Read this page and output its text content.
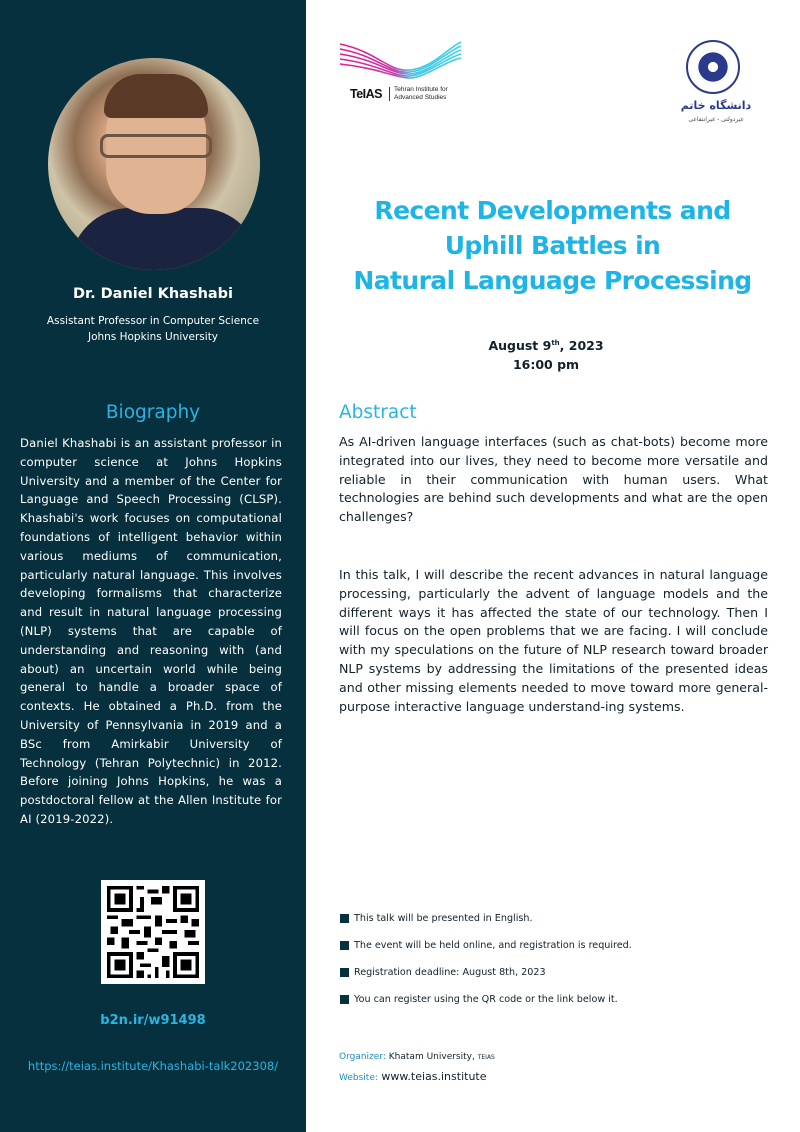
Dr. Daniel Khashabi
Assistant Professor in Computer Science
Johns Hopkins University
Biography
Daniel Khashabi is an assistant professor in computer science at Johns Hopkins University and a member of the Center for Language and Speech Processing (CLSP). Khashabi's work focuses on computational foundations of intelligent behavior within various mediums of communication, particularly natural language. This involves developing formalisms that characterize and result in natural language processing (NLP) systems that are capable of understanding and reasoning with (and about) an uncertain world while being general to handle a broader space of contexts. He obtained a Ph.D. from the University of Pennsylvania in 2019 and a BSc from Amirkabir University of Technology (Tehran Polytechnic) in 2012. Before joining Johns Hopkins, he was a postdoctoral fellow at the Allen Institute for AI (2019-2022).
b2n.ir/w91498
https://teias.institute/Khashabi-talk202308/
TeIAS Tehran Institute for
Advanced Studies
دانشگاه خاتم
غیردولتی - غیرانتفاعی
Recent Developments and
Uphill Battles in
Natural Language Processing
August 9th, 2023
16:00 pm
Abstract
As AI-driven language interfaces (such as chat-bots) become more integrated into our lives, they need to become more versatile and reliable in their communication with human users. What technologies are behind such developments and what are the open challenges?
In this talk, I will describe the recent advances in natural language processing, particularly the advent of language models and the different ways it has affected the state of our technology. Then I will focus on the open problems that we are facing. I will conclude with my speculations on the future of NLP research toward broader NLP systems by addressing the limitations of the presented ideas and other missing elements needed to move toward more general-purpose interactive language understand-ing systems.
This talk will be presented in English.
The event will be held online, and registration is required.
Registration deadline: August 8th, 2023
You can register using the QR code or the link below it.
Organizer: Khatam University, TEIAS
Website: www.teias.institute
